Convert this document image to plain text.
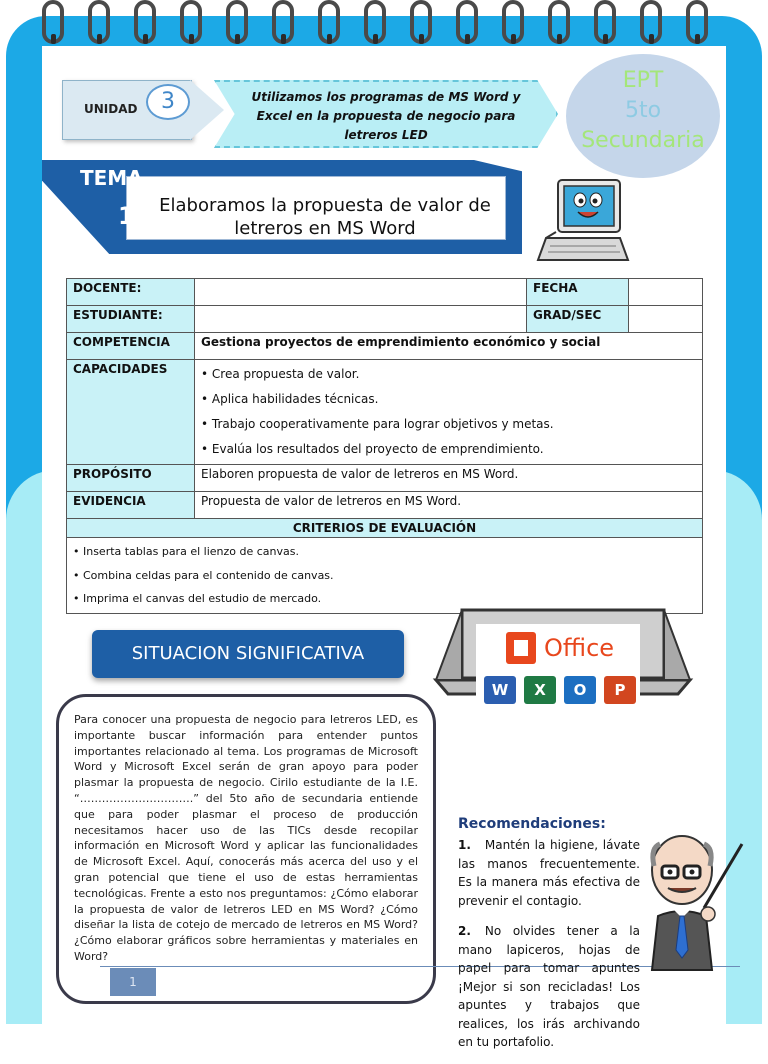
UNIDAD	3	Utilizamos los programas de MS Word y Excel en la propuesta de negocio para letreros LED
EPT
5to
Secundaria
TEMA
1	Elaboramos la propuesta de valor de letreros en MS Word
DOCENTE:		FECHA	
ESTUDIANTE:		GRAD/SEC	
COMPETENCIA	Gestiona proyectos de emprendimiento económico y social		
CAPACIDADES	• Crea propuesta de valor.
• Aplica habilidades técnicas.
• Trabajo cooperativamente para lograr objetivos y metas.
• Evalúa los resultados del proyecto de emprendimiento.		

PROPÓSITO	Elaboren propuesta de valor de letreros en MS Word.		
EVIDENCIA	Propuesta de valor de letreros en MS Word.		
CRITERIOS DE EVALUACIÓN			

• Inserta tablas para el lienzo de canvas.
• Combina celdas para el contenido de canvas.
• Imprima el canvas del estudio de mercado.			
Office
W	X	O	P
SITUACION SIGNIFICATIVA
Para conocer una propuesta de negocio para letreros LED, es importante buscar información para entender puntos importantes relacionado al tema. Los programas de Microsoft Word y Microsoft Excel serán de gran apoyo para poder plasmar la propuesta de negocio. Cirilo estudiante de la I.E. “………………………….” del 5to año de secundaria entiende que para poder plasmar el proceso de producción necesitamos hacer uso de las TICs desde recopilar información en Microsoft Word y aplicar las funcionalidades de Microsoft Excel. Aquí, conocerás más acerca del uso y el gran potencial que tiene el uso de estas herramientas tecnológicas. Frente a esto nos preguntamos: ¿Cómo elaborar la propuesta de valor de letreros LED en MS Word? ¿Cómo diseñar la lista de cotejo de mercado de letreros en MS Word? ¿Cómo elaborar gráficos sobre herramientas y materiales en Word?
1
Recomendaciones:
1. Mantén la higiene, lávate las manos frecuentemente. Es la manera más efectiva de prevenir el contagio.
2. No olvides tener a la mano lapiceros, hojas de papel para tomar apuntes ¡Mejor si son recicladas! Los apuntes y trabajos que realices, los irás archivando en tu portafolio.
